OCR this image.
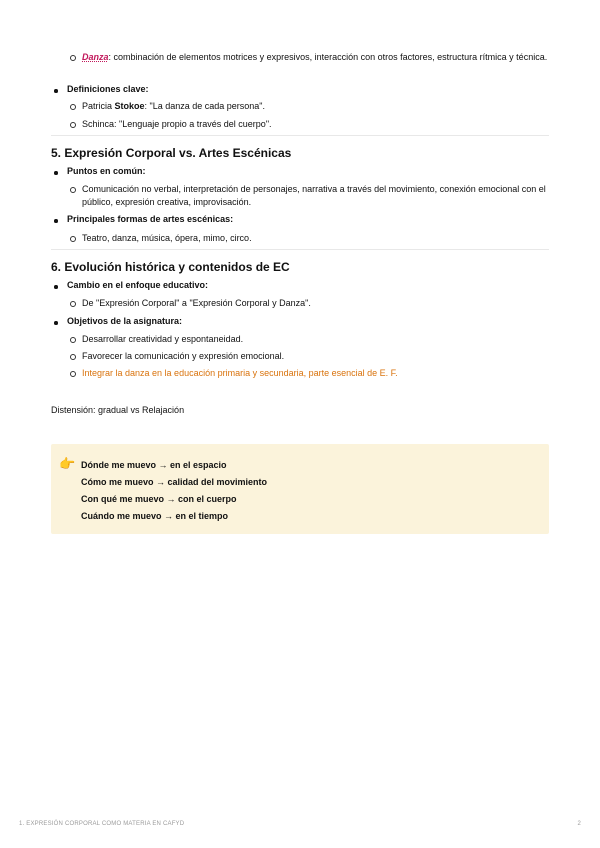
Danza: combinación de elementos motrices y expresivos, interacción con otros factores, estructura rítmica y técnica.
Definiciones clave:
Patricia Stokoe: "La danza de cada persona".
Schinca: "Lenguaje propio a través del cuerpo".
5. Expresión Corporal vs. Artes Escénicas
Puntos en común:
Comunicación no verbal, interpretación de personajes, narrativa a través del movimiento, conexión emocional con el público, expresión creativa, improvisación.
Principales formas de artes escénicas:
Teatro, danza, música, ópera, mimo, circo.
6. Evolución histórica y contenidos de EC
Cambio en el enfoque educativo:
De "Expresión Corporal" a "Expresión Corporal y Danza".
Objetivos de la asignatura:
Desarrollar creatividad y espontaneidad.
Favorecer la comunicación y expresión emocional.
Integrar la danza en la educación primaria y secundaria, parte esencial de E. F.
Distensión: gradual vs Relajación
👉 Dónde me muevo → en el espacio
Cómo me muevo → calidad del movimiento
Con qué me muevo → con el cuerpo
Cuándo me muevo → en el tiempo
1. EXPRESIÓN CORPORAL COMO MATERIA EN CAFYD	2
